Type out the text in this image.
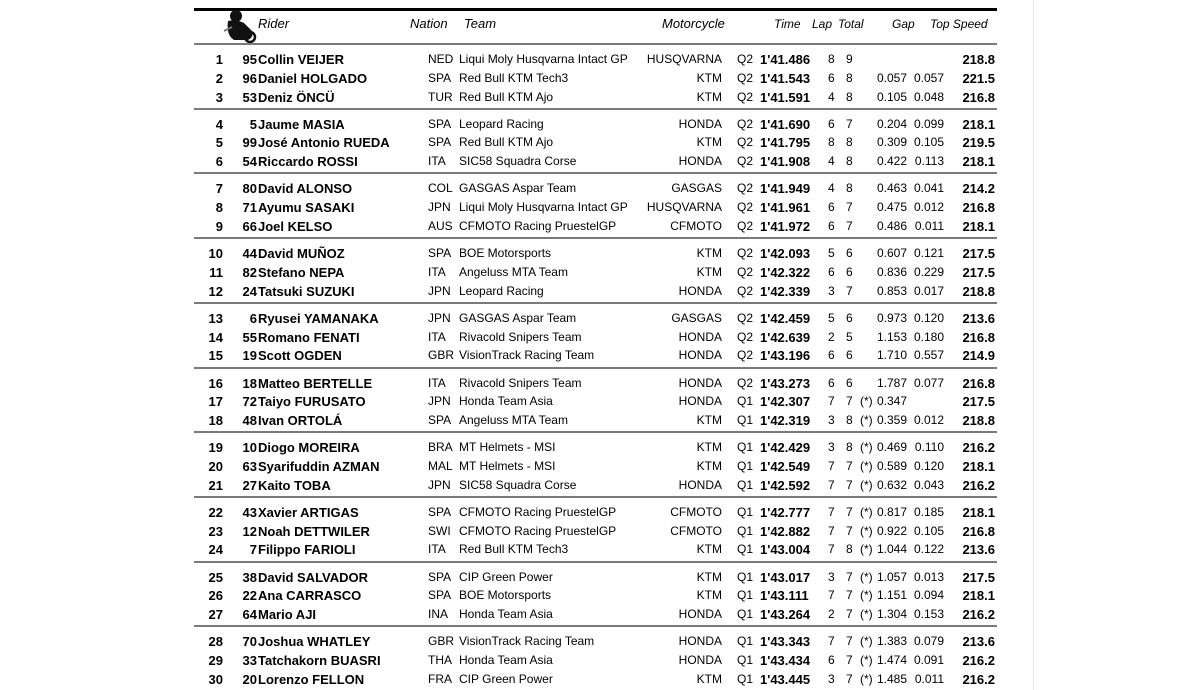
Rider	Nation Team	Motorcycle	Time Lap Total Gap Top Speed
1 95 Collin VEIJER	NED Liqui Moly Husqvarna Intact GP HUSQVARNA Q2 1'41.486 8 9	218.8
2 96 Daniel HOLGADO	SPA Red Bull KTM Tech3	KTM Q2 1'41.543 6 8 0.057 0.057 221.5
3 53 Deniz ÖNCÜ	TUR Red Bull KTM Ajo	KTM Q2 1'41.591 4 8 0.105 0.048 216.8
4 5 Jaume MASIA	SPA Leopard Racing	HONDA Q2 1'41.690 6 7 0.204 0.099 218.1
5 99 José Antonio RUEDA	SPA Red Bull KTM Ajo	KTM Q2 1'41.795 8 8 0.309 0.105 219.5
6 54 Riccardo ROSSI	ITA SIC58 Squadra Corse	HONDA Q2 1'41.908 4 8 0.422 0.113 218.1
7 80 David ALONSO	COL GASGAS Aspar Team	GASGAS Q2 1'41.949 4 8 0.463 0.041 214.2
8 71 Ayumu SASAKI	JPN Liqui Moly Husqvarna Intact GP HUSQVARNA Q2 1'41.961 6 7 0.475 0.012 216.8
9 66 Joel KELSO	AUS CFMOTO Racing PruestelGP	CFMOTO Q2 1'41.972 6 7 0.486 0.011 218.1
10 44 David MUÑOZ	SPA BOE Motorsports	KTM Q2 1'42.093 5 6 0.607 0.121 217.5
11 82 Stefano NEPA	ITA Angeluss MTA Team	KTM Q2 1'42.322 6 6 0.836 0.229 217.5
12 24 Tatsuki SUZUKI	JPN Leopard Racing	HONDA Q2 1'42.339 3 7 0.853 0.017 218.8
13 6 Ryusei YAMANAKA	JPN GASGAS Aspar Team	GASGAS Q2 1'42.459 5 6 0.973 0.120 213.6
14 55 Romano FENATI	ITA Rivacold Snipers Team	HONDA Q2 1'42.639 2 5 1.153 0.180 216.8
15 19 Scott OGDEN	GBR VisionTrack Racing Team	HONDA Q2 1'43.196 6 6 1.710 0.557 214.9
16 18 Matteo BERTELLE	ITA Rivacold Snipers Team	HONDA Q2 1'43.273 6 6 1.787 0.077 216.8
17 72 Taiyo FURUSATO	JPN Honda Team Asia	HONDA Q1 1'42.307 7 7 (*) 0.347	217.5
18 48 Ivan ORTOLÁ	SPA Angeluss MTA Team	KTM Q1 1'42.319 3 8 (*) 0.359 0.012 218.8
19 10 Diogo MOREIRA	BRA MT Helmets - MSI	KTM Q1 1'42.429 3 8 (*) 0.469 0.110 216.2
20 63 Syarifuddin AZMAN	MAL MT Helmets - MSI	KTM Q1 1'42.549 7 7 (*) 0.589 0.120 218.1
21 27 Kaito TOBA	JPN SIC58 Squadra Corse	HONDA Q1 1'42.592 7 7 (*) 0.632 0.043 216.2
22 43 Xavier ARTIGAS	SPA CFMOTO Racing PruestelGP	CFMOTO Q1 1'42.777 7 7 (*) 0.817 0.185 218.1
23 12 Noah DETTWILER	SWI CFMOTO Racing PruestelGP	CFMOTO Q1 1'42.882 7 7 (*) 0.922 0.105 216.8
24 7 Filippo FARIOLI	ITA Red Bull KTM Tech3	KTM Q1 1'43.004 7 8 (*) 1.044 0.122 213.6
25 38 David SALVADOR	SPA CIP Green Power	KTM Q1 1'43.017 3 7 (*) 1.057 0.013 217.5
26 22 Ana CARRASCO	SPA BOE Motorsports	KTM Q1 1'43.111 7 7 (*) 1.151 0.094 218.1
27 64 Mario AJI	INA Honda Team Asia	HONDA Q1 1'43.264 2 7 (*) 1.304 0.153 216.2
28 70 Joshua WHATLEY	GBR VisionTrack Racing Team	HONDA Q1 1'43.343 7 7 (*) 1.383 0.079 213.6
29 33 Tatchakorn BUASRI	THA Honda Team Asia	HONDA Q1 1'43.434 6 7 (*) 1.474 0.091 216.2
30 20 Lorenzo FELLON	FRA CIP Green Power	KTM Q1 1'43.445 3 7 (*) 1.485 0.011 216.2
